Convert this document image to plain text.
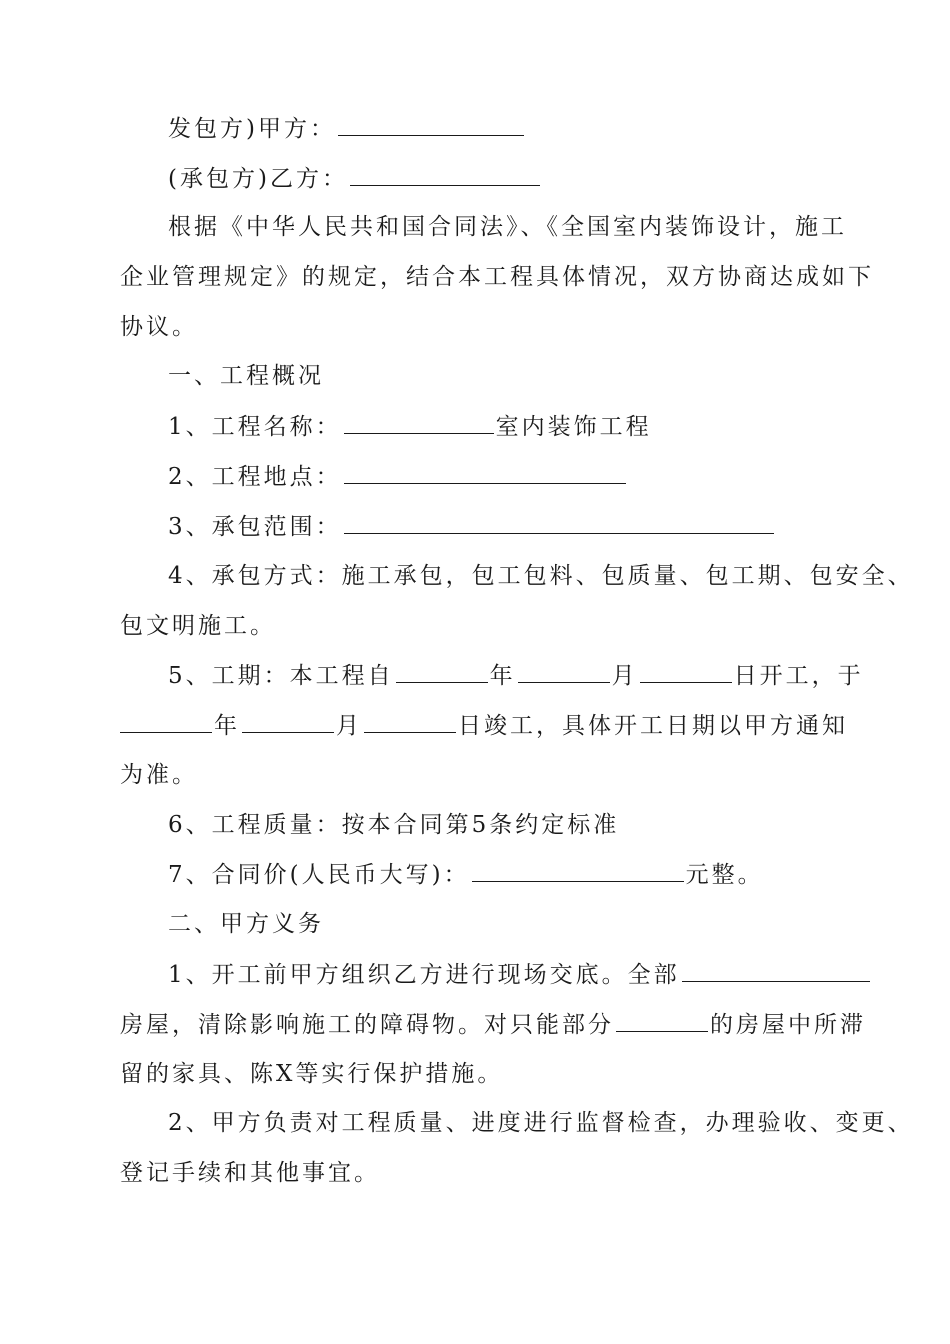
发包方)甲方：
(承包方)乙方：
根据《中华人民共和国合同法》、《全国室内装饰设计，施工
企业管理规定》的规定，结合本工程具体情况，双方协商达成如下
协议。
一、工程概况
1、工程名称：	室内装饰工程
2、工程地点：
3、承包范围：
4、承包方式：施工承包，包工包料、包质量、包工期、包安全、
包文明施工。
5、工期：本工程自	年	月	日开工，于
年	月	日竣工，具体开工日期以甲方通知
为准。
6、工程质量：按本合同第5条约定标准
7、合同价(人民币大写)：	元整。
二、甲方义务
1、开工前甲方组织乙方进行现场交底。全部
房屋，清除影响施工的障碍物。对只能部分	的房屋中所滞
留的家具、陈X等实行保护措施。
2、甲方负责对工程质量、进度进行监督检查，办理验收、变更、
登记手续和其他事宜。
